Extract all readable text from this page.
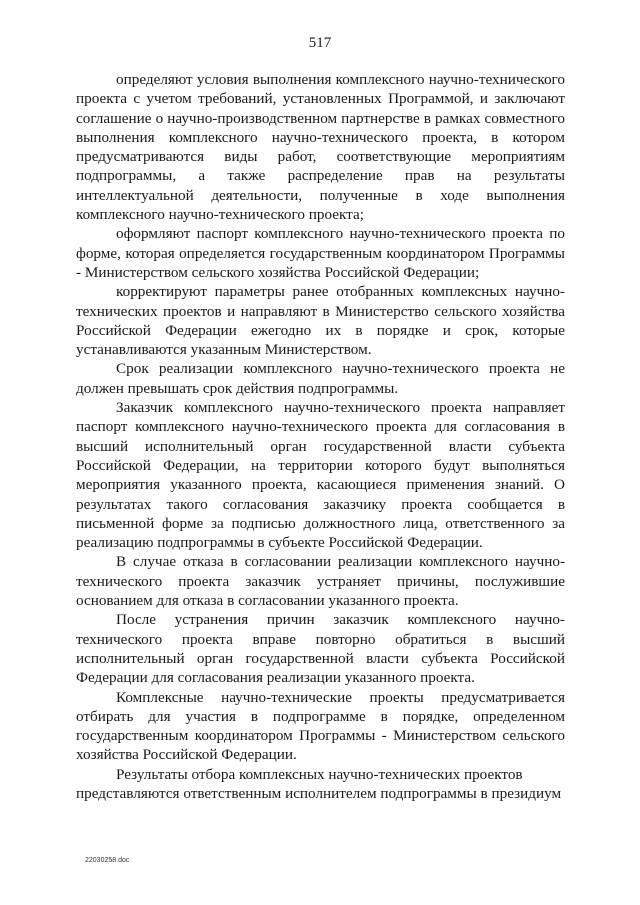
517

определяют условия выполнения комплексного научно-технического проекта с учетом требований, установленных Программой, и заключают соглашение о научно-производственном партнерстве в рамках совместного выполнения комплексного научно-технического проекта, в котором предусматриваются виды работ, соответствующие мероприятиям подпрограммы, а также распределение прав на результаты интеллектуальной деятельности, полученные в ходе выполнения комплексного научно-технического проекта;

оформляют паспорт комплексного научно-технического проекта по форме, которая определяется государственным координатором Программы - Министерством сельского хозяйства Российской Федерации;

корректируют параметры ранее отобранных комплексных научно-технических проектов и направляют в Министерство сельского хозяйства Российской Федерации ежегодно их в порядке и срок, которые устанавливаются указанным Министерством.

Срок реализации комплексного научно-технического проекта не должен превышать срок действия подпрограммы.

Заказчик комплексного научно-технического проекта направляет паспорт комплексного научно-технического проекта для согласования в высший исполнительный орган государственной власти субъекта Российской Федерации, на территории которого будут выполняться мероприятия указанного проекта, касающиеся применения знаний. О результатах такого согласования заказчику проекта сообщается в письменной форме за подписью должностного лица, ответственного за реализацию подпрограммы в субъекте Российской Федерации.

В случае отказа в согласовании реализации комплексного научно-технического проекта заказчик устраняет причины, послужившие основанием для отказа в согласовании указанного проекта.

После устранения причин заказчик комплексного научно-технического проекта вправе повторно обратиться в высший исполнительный орган государственной власти субъекта Российской Федерации для согласования реализации указанного проекта.

Комплексные научно-технические проекты предусматривается отбирать для участия в подпрограмме в порядке, определенном государственным координатором Программы - Министерством сельского хозяйства Российской Федерации.

Результаты отбора комплексных научно-технических проектов представляются ответственным исполнителем подпрограммы в президиум

22030258.doc
